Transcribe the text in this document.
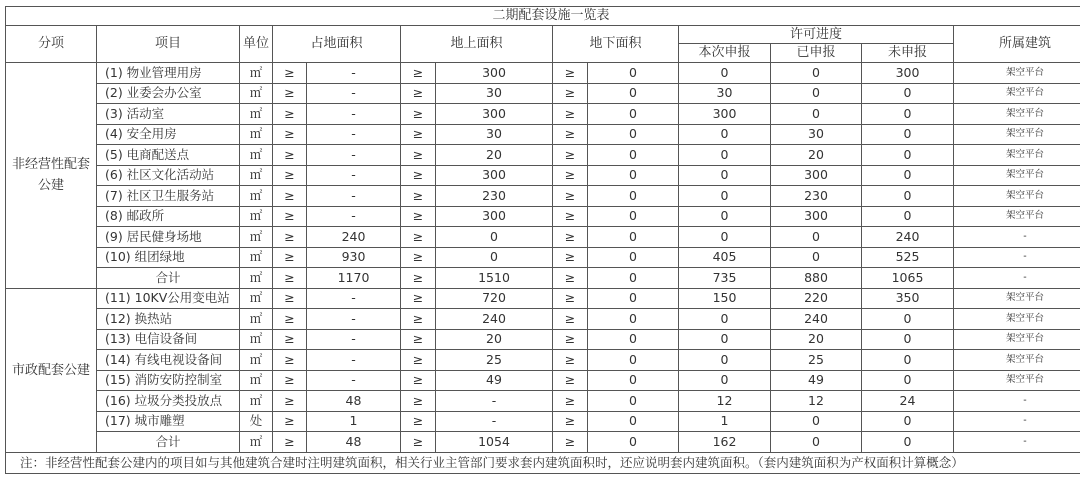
二期配套设施一览表												
分项	项目	单位	占地面积		地上面积		地下面积		许可进度			所属建筑
									本次申报	已申报	未申报	
非经营性配套公建	(1) 物业管理用房	㎡	≥	-	≥	300	≥	0	0	0	300	架空平台
	(2) 业委会办公室	㎡	≥	-	≥	30	≥	0	30	0	0	架空平台
	(3) 活动室	㎡	≥	-	≥	300	≥	0	300	0	0	架空平台
	(4) 安全用房	㎡	≥	-	≥	30	≥	0	0	30	0	架空平台
	(5) 电商配送点	㎡	≥	-	≥	20	≥	0	0	20	0	架空平台
	(6) 社区文化活动站	㎡	≥	-	≥	300	≥	0	0	300	0	架空平台
	(7) 社区卫生服务站	㎡	≥	-	≥	230	≥	0	0	230	0	架空平台
	(8) 邮政所	㎡	≥	-	≥	300	≥	0	0	300	0	架空平台
	(9) 居民健身场地	㎡	≥	240	≥	0	≥	0	0	0	240	-
	(10) 组团绿地	㎡	≥	930	≥	0	≥	0	405	0	525	-
	合计	㎡	≥	1170	≥	1510	≥	0	735	880	1065	-
市政配套公建	(11) 10KV公用变电站	㎡	≥	-	≥	720	≥	0	150	220	350	架空平台
	(12) 换热站	㎡	≥	-	≥	240	≥	0	0	240	0	架空平台
	(13) 电信设备间	㎡	≥	-	≥	20	≥	0	0	20	0	架空平台
	(14) 有线电视设备间	㎡	≥	-	≥	25	≥	0	0	25	0	架空平台
	(15) 消防安防控制室	㎡	≥	-	≥	49	≥	0	0	49	0	架空平台
	(16) 垃圾分类投放点	㎡	≥	48	≥	-	≥	0	12	12	24	-
	(17) 城市雕塑	处	≥	1	≥	-	≥	0	1	0	0	-
	合计	㎡	≥	48	≥	1054	≥	0	162	0	0	-
注：非经营性配套公建内的项目如与其他建筑合建时注明建筑面积，相关行业主管部门要求套内建筑面积时，还应说明套内建筑面积。（套内建筑面积为产权面积计算概念）												
